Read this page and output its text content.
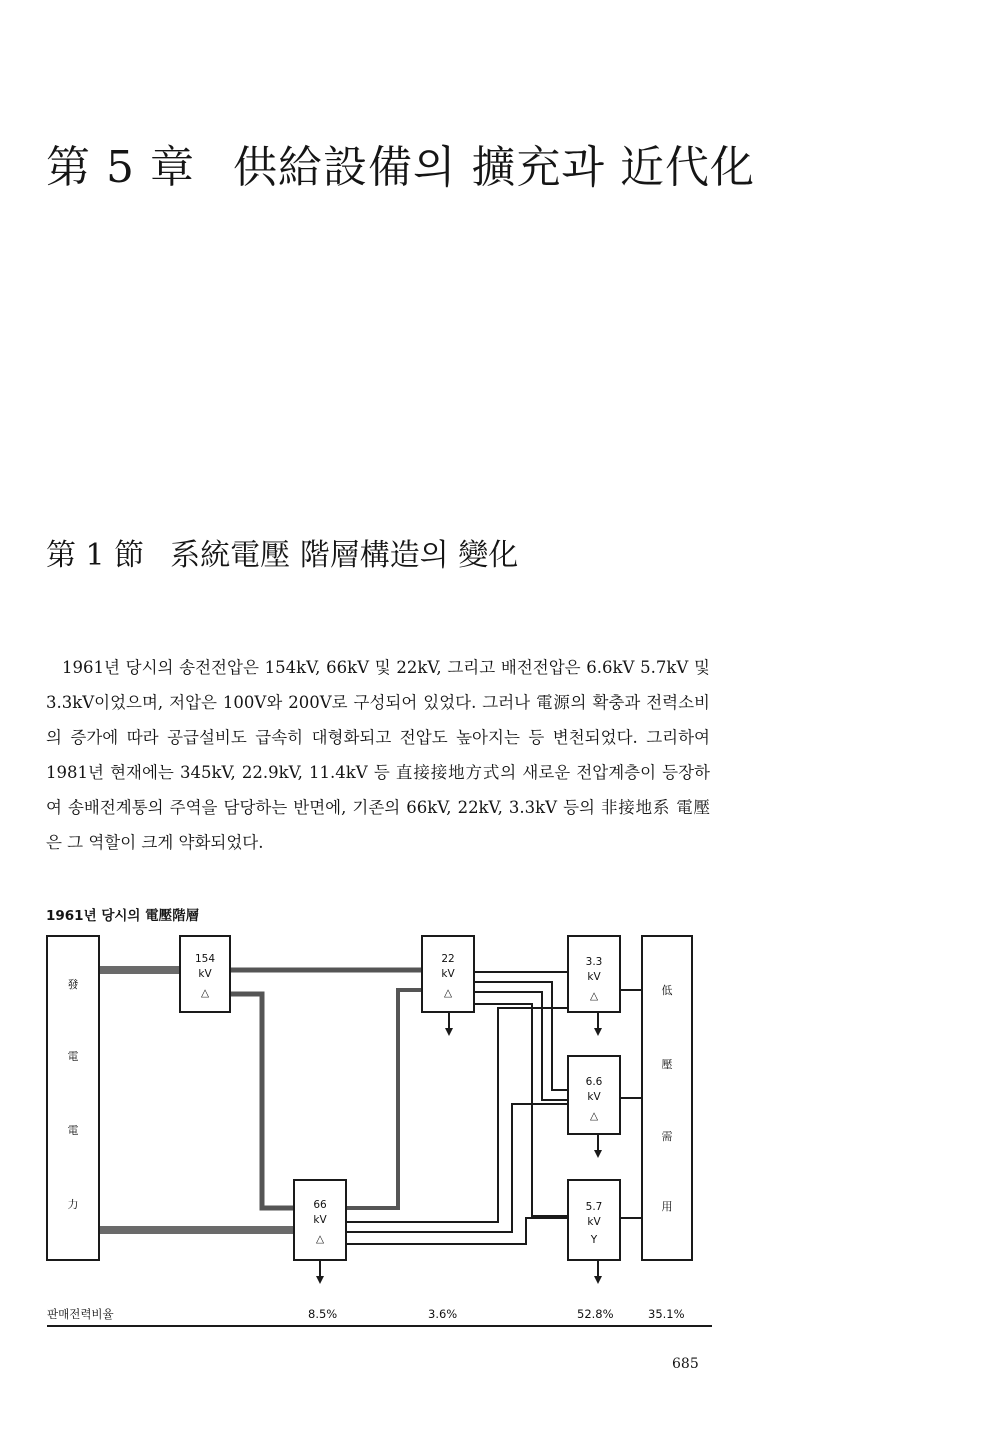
第 5 章 供給設備의 擴充과 近代化
第 1 節 系統電壓 階層構造의 變化

1961년 당시의 송전전압은 154kV, 66kV 및 22kV, 그리고 배전전압은 6.6kV 5.7kV 및 3.3kV이었으며, 저압은 100V와 200V로 구성되어 있었다. 그러나 電源의 확충과 전력소비의 증가에 따라 공급설비도 급속히 대형화되고 전압도 높아지는 등 변천되었다. 그리하여 1981년 현재에는 345kV, 22.9kV, 11.4kV 등 直接接地方式의 새로운 전압계층이 등장하여 송배전계통의 주역을 담당하는 반면에, 기존의 66kV, 22kV, 3.3kV 등의 非接地系 電壓은 그 역할이 크게 약화되었다.

1961년 당시의 電壓階層
發
電
電
力
低
壓
需
用
154
kV
△
22
kV
△
66
kV
△
3.3
kV
△
6.6
kV
△
5.7
kV
Y
판매전력비율	8.5%	3.6%	52.8%	35.1%
685
